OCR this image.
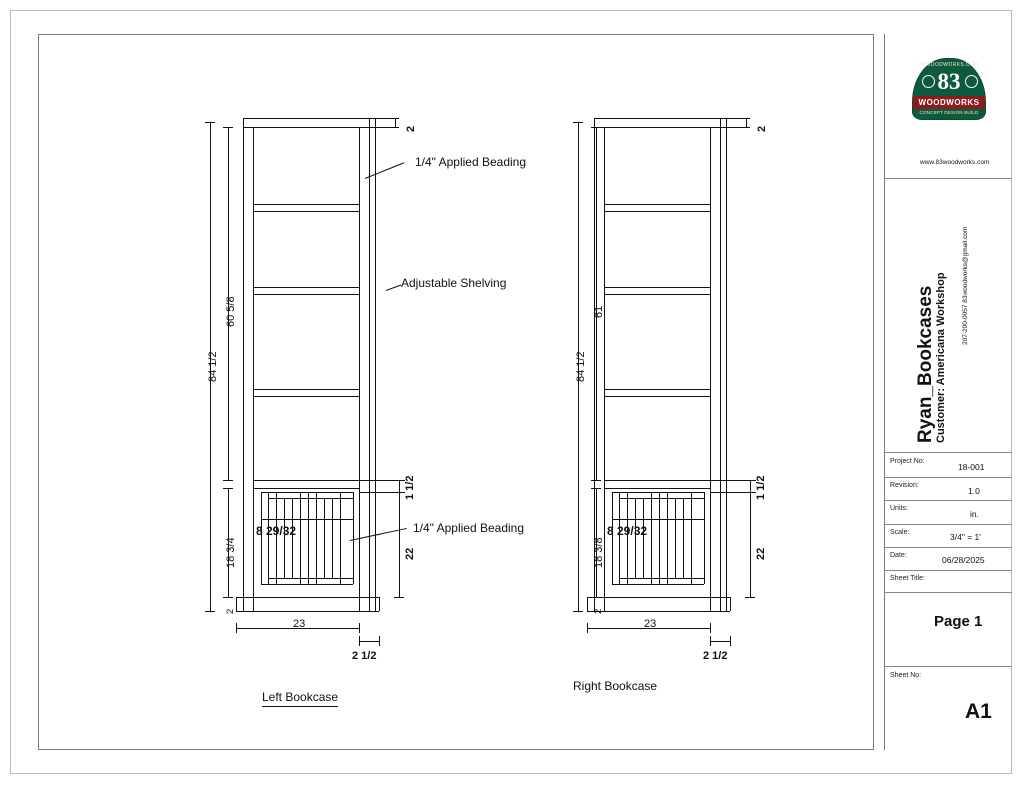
84 1/2
60 5/8
18 3/4
2
2
1 1/2
22
23
2 1/2
8 29/32
1/4" Applied Beading
Adjustable Shelving
1/4" Applied Beading
Left Bookcase
84 1/2
61
18 3/8
2
2
1 1/2
22
23
2 1/2
8 29/32
Right Bookcase
83WOODWORKS.COM
83
WOODWORKS
CONCEPT DESIGN BUILD
www.83woodworks.com
Ryan_Bookcases Customer: Americana Workshop 207-200-0057 83woodworks@gmail.com
Project No:
18-001
Revision:
1.0
Units:
in.
Scale:	3/4" = 1'
Date:	06/28/2025
Sheet Title:
Page 1
Sheet No:
A1
